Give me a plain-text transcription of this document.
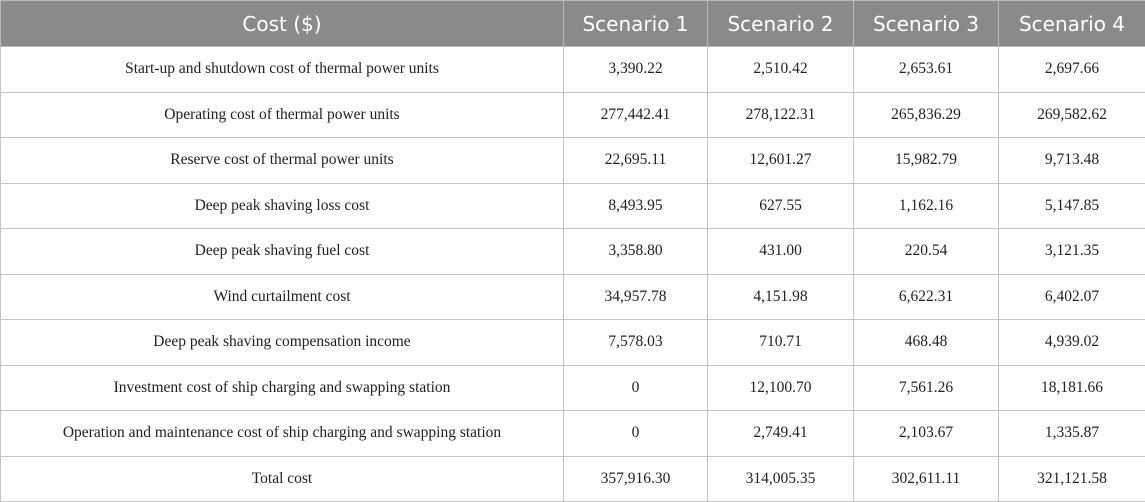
Cost ($)	Scenario 1	Scenario 2	Scenario 3	Scenario 4
Start-up and shutdown cost of thermal power units	3,390.22	2,510.42	2,653.61	2,697.66
Operating cost of thermal power units	277,442.41	278,122.31	265,836.29	269,582.62
Reserve cost of thermal power units	22,695.11	12,601.27	15,982.79	9,713.48
Deep peak shaving loss cost	8,493.95	627.55	1,162.16	5,147.85
Deep peak shaving fuel cost	3,358.80	431.00	220.54	3,121.35
Wind curtailment cost	34,957.78	4,151.98	6,622.31	6,402.07
Deep peak shaving compensation income	7,578.03	710.71	468.48	4,939.02
Investment cost of ship charging and swapping station	0	12,100.70	7,561.26	18,181.66
Operation and maintenance cost of ship charging and swapping station	0	2,749.41	2,103.67	1,335.87
Total cost	357,916.30	314,005.35	302,611.11	321,121.58
